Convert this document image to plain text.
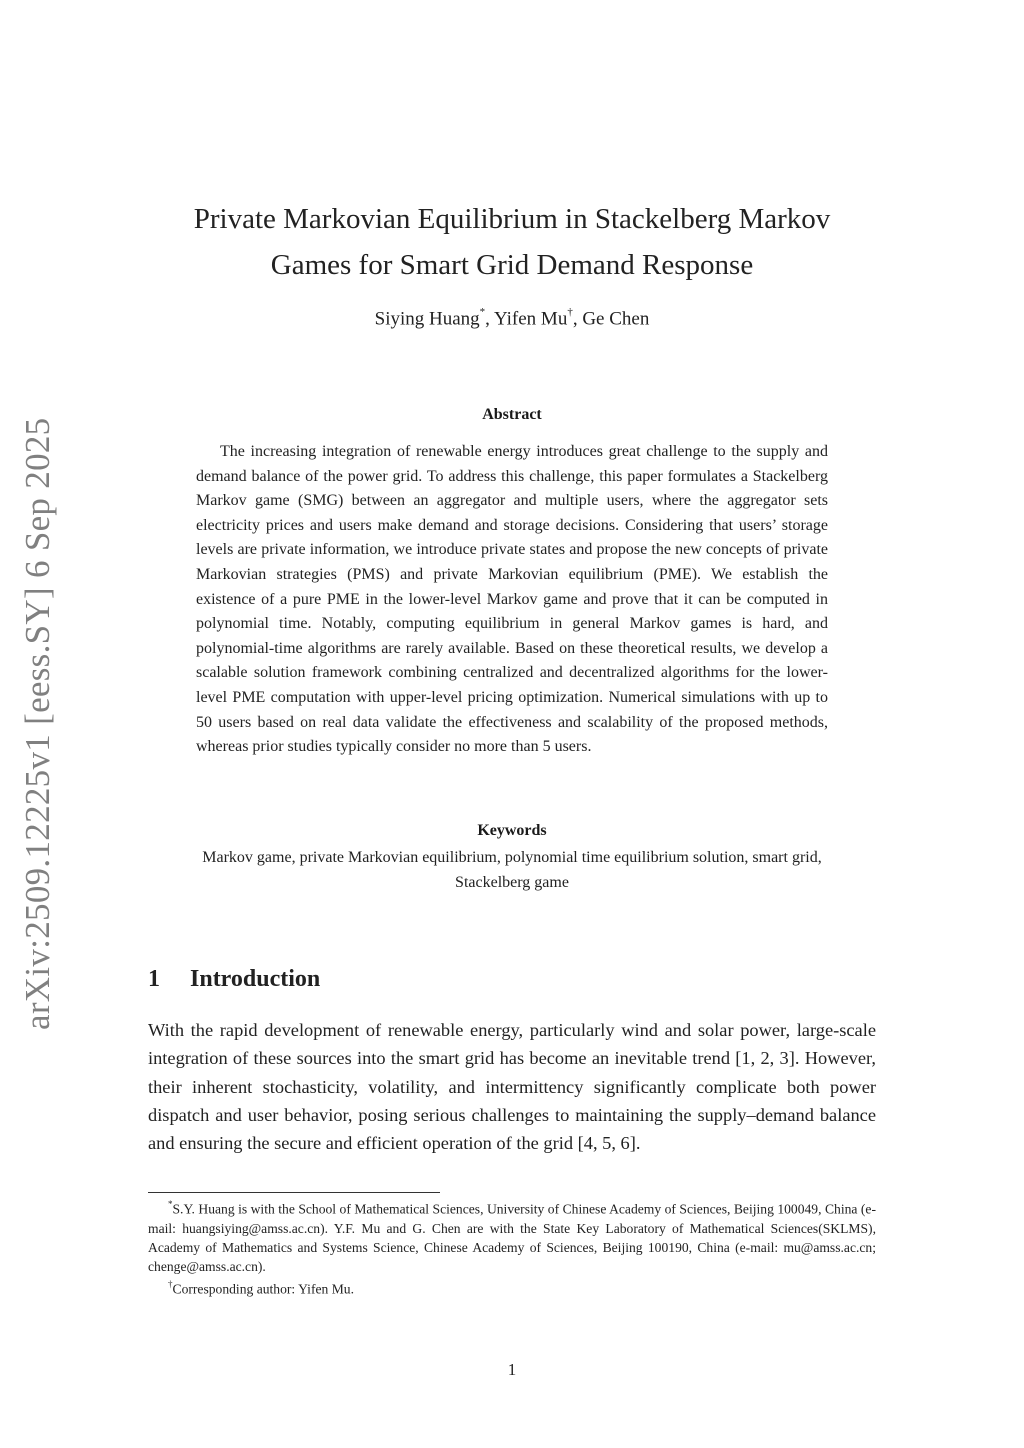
arXiv:2509.12225v1 [eess.SY] 6 Sep 2025
Private Markovian Equilibrium in Stackelberg Markov Games for Smart Grid Demand Response
Siying Huang*, Yifen Mu†, Ge Chen
Abstract
The increasing integration of renewable energy introduces great challenge to the supply and demand balance of the power grid. To address this challenge, this paper formulates a Stackelberg Markov game (SMG) between an aggregator and multiple users, where the aggregator sets electricity prices and users make demand and storage decisions. Considering that users’ storage levels are private information, we introduce private states and propose the new concepts of private Markovian strategies (PMS) and private Markovian equilibrium (PME). We establish the existence of a pure PME in the lower-level Markov game and prove that it can be computed in polynomial time. Notably, computing equilibrium in general Markov games is hard, and polynomial-time algorithms are rarely available. Based on these theoretical results, we develop a scalable solution framework combining centralized and decentralized algorithms for the lower-level PME computation with upper-level pricing optimization. Numerical simulations with up to 50 users based on real data validate the effectiveness and scalability of the proposed methods, whereas prior studies typically consider no more than 5 users.
Keywords
Markov game, private Markovian equilibrium, polynomial time equilibrium solution, smart grid, Stackelberg game
1 Introduction
With the rapid development of renewable energy, particularly wind and solar power, large-scale integration of these sources into the smart grid has become an inevitable trend [1, 2, 3]. However, their inherent stochasticity, volatility, and intermittency significantly complicate both power dispatch and user behavior, posing serious challenges to maintaining the supply–demand balance and ensuring the secure and efficient operation of the grid [4, 5, 6].

*S.Y. Huang is with the School of Mathematical Sciences, University of Chinese Academy of Sciences, Beijing 100049, China (e-mail: huangsiying@amss.ac.cn). Y.F. Mu and G. Chen are with the State Key Laboratory of Mathematical Sciences(SKLMS), Academy of Mathematics and Systems Science, Chinese Academy of Sciences, Beijing 100190, China (e-mail: mu@amss.ac.cn; chenge@amss.ac.cn).

†Corresponding author: Yifen Mu.

1
